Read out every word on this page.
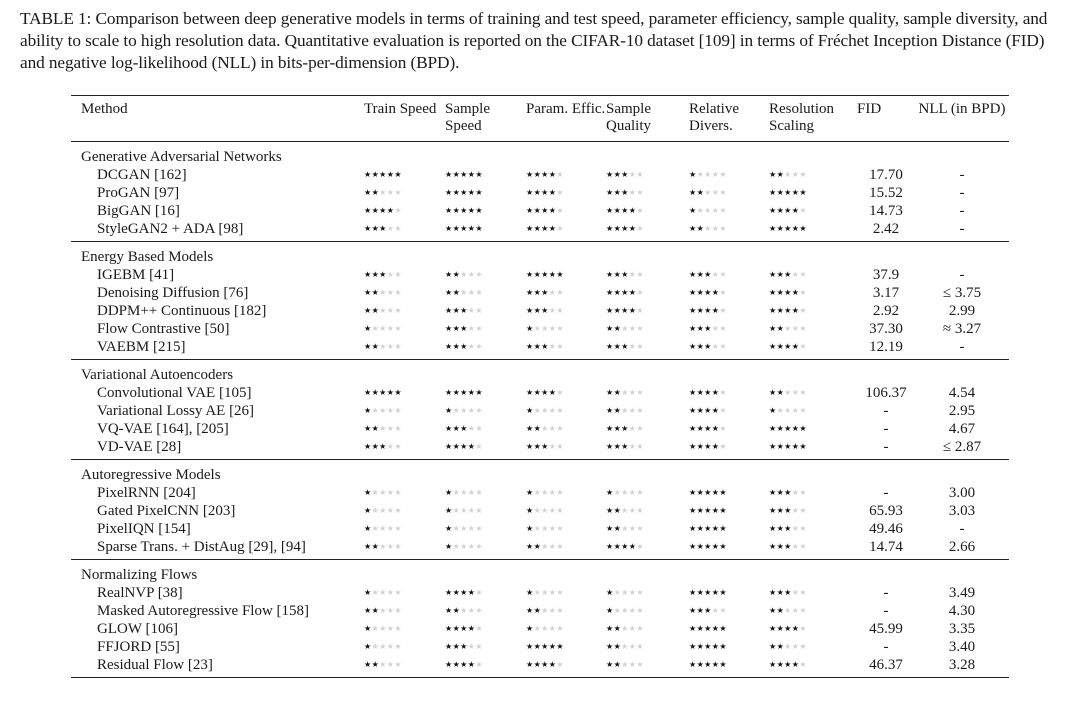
TABLE 1: Comparison between deep generative models in terms of training and test speed, parameter efficiency, sample quality, sample diversity, and ability to scale to high resolution data. Quantitative evaluation is reported on the CIFAR-10 dataset [109] in terms of Fréchet Inception Distance (FID) and negative log-likelihood (NLL) in bits-per-dimension (BPD).
Method	Train Speed	Sample Speed	Param. Effic.	Sample Quality	Relative Divers.	Resolution Scaling	FID	NLL (in BPD)
Generative Adversarial Networks								
DCGAN [162]	★★★★★	★★★★★	★★★★★	★★★★★	★★★★★	★★★★★	17.70	-
ProGAN [97]	★★★★★	★★★★★	★★★★★	★★★★★	★★★★★	★★★★★	15.52	-
BigGAN [16]	★★★★★	★★★★★	★★★★★	★★★★★	★★★★★	★★★★★	14.73	-
StyleGAN2 + ADA [98]	★★★★★	★★★★★	★★★★★	★★★★★	★★★★★	★★★★★	2.42	-
Energy Based Models								
IGEBM [41]	★★★★★	★★★★★	★★★★★	★★★★★	★★★★★	★★★★★	37.9	-
Denoising Diffusion [76]	★★★★★	★★★★★	★★★★★	★★★★★	★★★★★	★★★★★	3.17	≤ 3.75
DDPM++ Continuous [182]	★★★★★	★★★★★	★★★★★	★★★★★	★★★★★	★★★★★	2.92	2.99
Flow Contrastive [50]	★★★★★	★★★★★	★★★★★	★★★★★	★★★★★	★★★★★	37.30	≈ 3.27
VAEBM [215]	★★★★★	★★★★★	★★★★★	★★★★★	★★★★★	★★★★★	12.19	-
Variational Autoencoders								
Convolutional VAE [105]	★★★★★	★★★★★	★★★★★	★★★★★	★★★★★	★★★★★	106.37	4.54
Variational Lossy AE [26]	★★★★★	★★★★★	★★★★★	★★★★★	★★★★★	★★★★★	-	2.95
VQ-VAE [164], [205]	★★★★★	★★★★★	★★★★★	★★★★★	★★★★★	★★★★★	-	4.67
VD-VAE [28]	★★★★★	★★★★★	★★★★★	★★★★★	★★★★★	★★★★★	-	≤ 2.87
Autoregressive Models								
PixelRNN [204]	★★★★★	★★★★★	★★★★★	★★★★★	★★★★★	★★★★★	-	3.00
Gated PixelCNN [203]	★★★★★	★★★★★	★★★★★	★★★★★	★★★★★	★★★★★	65.93	3.03
PixelIQN [154]	★★★★★	★★★★★	★★★★★	★★★★★	★★★★★	★★★★★	49.46	-
Sparse Trans. + DistAug [29], [94]	★★★★★	★★★★★	★★★★★	★★★★★	★★★★★	★★★★★	14.74	2.66
Normalizing Flows								
RealNVP [38]	★★★★★	★★★★★	★★★★★	★★★★★	★★★★★	★★★★★	-	3.49
Masked Autoregressive Flow [158]	★★★★★	★★★★★	★★★★★	★★★★★	★★★★★	★★★★★	-	4.30
GLOW [106]	★★★★★	★★★★★	★★★★★	★★★★★	★★★★★	★★★★★	45.99	3.35
FFJORD [55]	★★★★★	★★★★★	★★★★★	★★★★★	★★★★★	★★★★★	-	3.40
Residual Flow [23]	★★★★★	★★★★★	★★★★★	★★★★★	★★★★★	★★★★★	46.37	3.28
